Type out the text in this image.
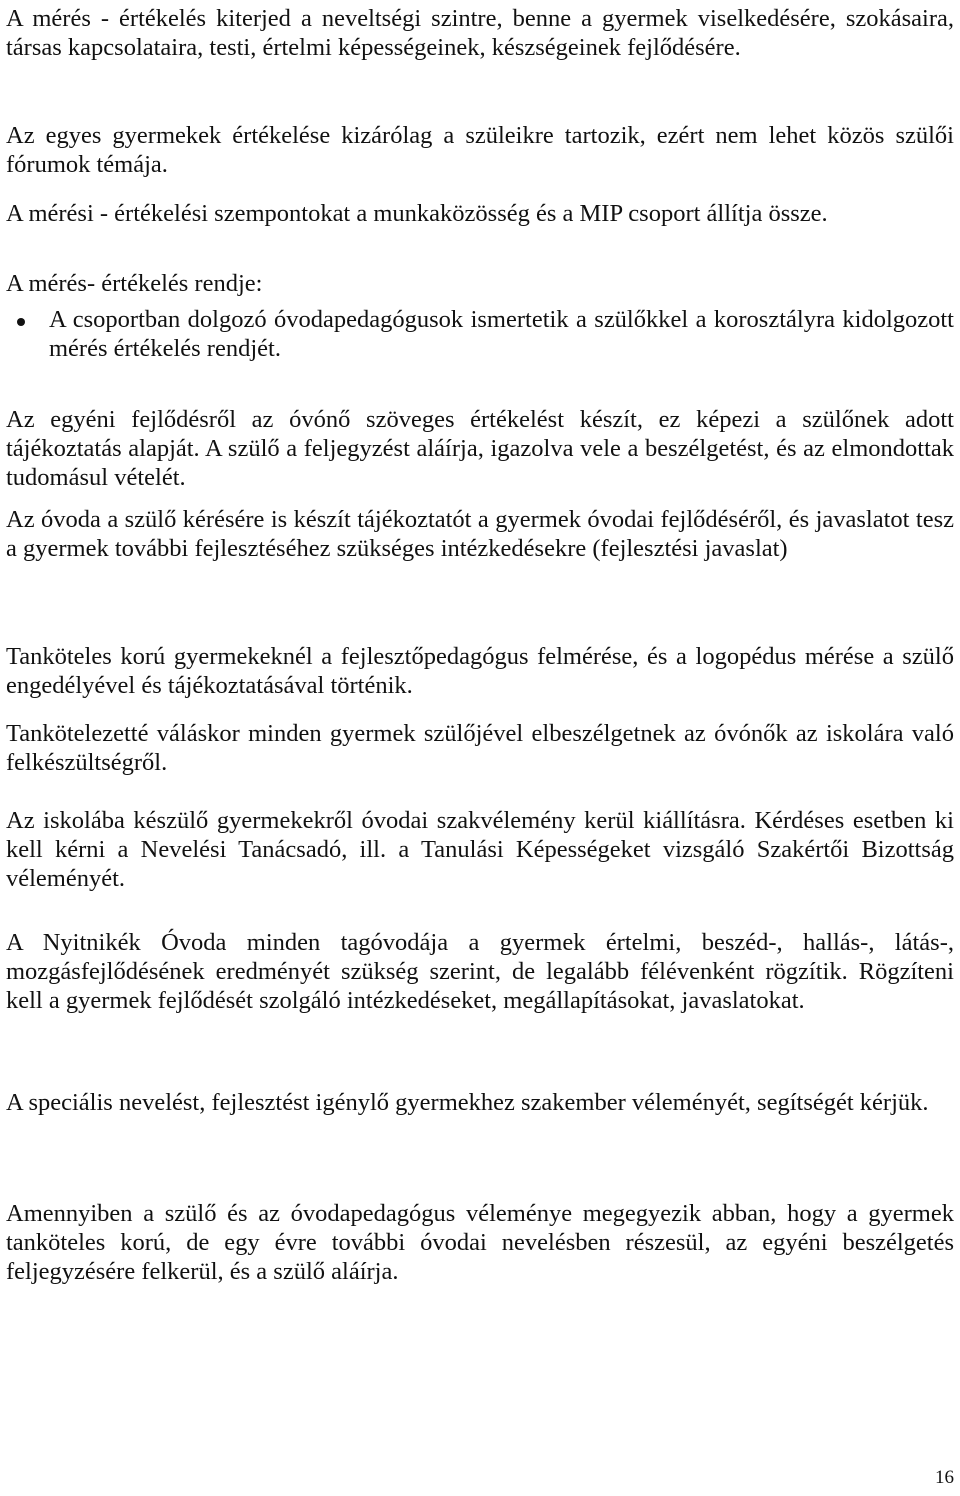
A mérés - értékelés kiterjed a neveltségi szintre, benne a gyermek viselkedésére, szokásaira, társas kapcsolataira, testi, értelmi képességeinek, készségeinek fejlődésére.

Az egyes gyermekek értékelése kizárólag a szüleikre tartozik, ezért nem lehet közös szülői fórumok témája.

A mérési - értékelési szempontokat a munkaközösség és a MIP csoport állítja össze.

A mérés- értékelés rendje:

A csoportban dolgozó óvodapedagógusok ismertetik a szülőkkel a korosztályra kidolgozott mérés értékelés rendjét.

Az egyéni fejlődésről az óvónő szöveges értékelést készít, ez képezi a szülőnek adott tájékoztatás alapját. A szülő a feljegyzést aláírja, igazolva vele a beszélgetést, és az elmondottak tudomásul vételét.

Az óvoda a szülő kérésére is készít tájékoztatót a gyermek óvodai fejlődéséről, és javaslatot tesz a gyermek további fejlesztéséhez szükséges intézkedésekre (fejlesztési javaslat)

Tanköteles korú gyermekeknél a fejlesztőpedagógus felmérése, és a logopédus mérése a szülő engedélyével és tájékoztatásával történik.

Tankötelezetté váláskor minden gyermek szülőjével elbeszélgetnek az óvónők az iskolára való felkészültségről.

Az iskolába készülő gyermekekről óvodai szakvélemény kerül kiállításra. Kérdéses esetben ki kell kérni a Nevelési Tanácsadó, ill. a Tanulási Képességeket vizsgáló Szakértői Bizottság véleményét.

A Nyitnikék Óvoda minden tagóvodája a gyermek értelmi, beszéd-, hallás-, látás-, mozgásfejlődésének eredményét szükség szerint, de legalább félévenként rögzítik. Rögzíteni kell a gyermek fejlődését szolgáló intézkedéseket, megállapításokat, javaslatokat.

A speciális nevelést, fejlesztést igénylő gyermekhez szakember véleményét, segítségét kérjük.

Amennyiben a szülő és az óvodapedagógus véleménye megegyezik abban, hogy a gyermek tanköteles korú, de egy évre további óvodai nevelésben részesül, az egyéni beszélgetés feljegyzésére felkerül, és a szülő aláírja.

16
